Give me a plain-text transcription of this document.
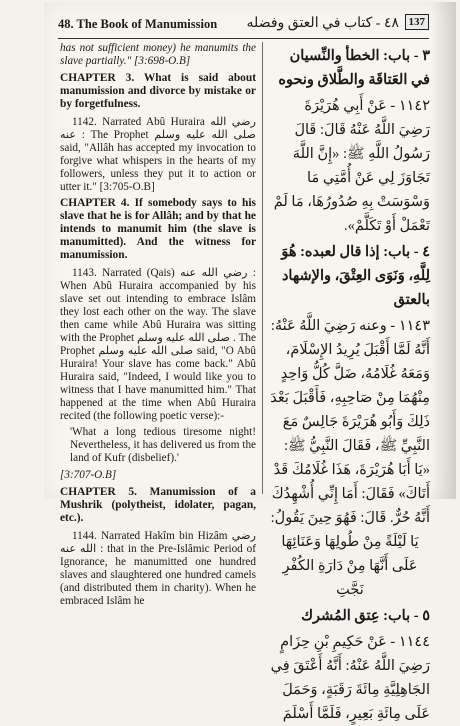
48. The Book of Manumission ٤٨ - كتاب في العتق وفضله 137

has not sufficient money) he manumits the slave partially." [3:698-O.B]

CHAPTER 3. What is said about manumission and divorce by mistake or by forgetfulness.

1142. Narrated Abû Huraira رضي الله عنه : The Prophet صلى الله عليه وسلم said, "Allâh has accepted my invocation to forgive what whispers in the hearts of my followers, unless they put it to action or utter it." [3:705-O.B]

CHAPTER 4. If somebody says to his slave that he is for Allâh; and by that he intends to manumit him (the slave is manumitted). And the witness for manumission.

1143. Narrated (Qais) رضي الله عنه : When Abû Huraira accompanied by his slave set out intending to embrace Islâm they lost each other on the way. The slave then came while Abû Huraira was sitting with the Prophet صلى الله عليه وسلم . The Prophet صلى الله عليه وسلم said, "O Abû Huraira! Your slave has come back." Abû Huraira said, "Indeed, I would like you to witness that I have manumitted him." That happened at the time when Abû Huraira recited (the following poetic verse):-

'What a long tedious tiresome night! Nevertheless, it has delivered us from the land of Kufr (disbelief).'

[3:707-O.B]

CHAPTER 5. Manumission of a Mushrik (polytheist, idolater, pagan, etc.).

1144. Narrated Hakîm bin Hizâm رضي الله عنه : that in the Pre-Islâmic Period of Ignorance, he manumitted one hundred slaves and slaughtered one hundred camels (and distributed them in charity). When he embraced Islâm he

٣ - باب: الخطأ والنِّسيان في العَتاقَة والطَّلاق ونحوه

١١٤٢ - عَنْ أَبِي هُرَيْرَةَ رَضِيَ اللَّهُ عَنْهُ قَالَ: قَالَ رَسُولُ اللَّهِ ﷺ: «إِنَّ اللَّهَ تَجَاوَزَ لِي عَنْ أُمَّتِي مَا وَسْوَسَتْ بِهِ صُدُورُهَا، مَا لَمْ تَعْمَلْ أَوْ تَكَلَّمْ».

٤ - باب: إذا قال لعبده: هُوَ لِلَّهِ، وَنَوَى العِتْقَ، والإشهاد بالعتق

١١٤٣ - وعنه رَضِيَ اللَّهُ عَنْهُ: أَنَّهُ لَمَّا أَقْبَلَ يُرِيدُ الإِسْلَامَ، وَمَعَهُ غُلَامُهُ، ضَلَّ كُلُّ وَاحِدٍ مِنْهُمَا مِنْ صَاحِبِهِ، فَأَقْبَلَ بَعْدَ ذَلِكَ وَأَبُو هُرَيْرَةَ جَالِسٌ مَعَ النَّبِيِّ ﷺ، فَقَالَ النَّبِيُّ ﷺ: «يَا أَبَا هُرَيْرَةَ، هَذَا غُلَامُكَ قَدْ أَتَاكَ» فَقَالَ: أَمَا إِنِّي أُشْهِدُكَ أَنَّهُ حُرٌّ. قَالَ: فَهُوَ حِينَ يَقُولُ:

يَا لَيْلَةً مِنْ طُولِهَا وَعَنَائِهَا

عَلَى أَنَّهَا مِنْ دَارَةِ الكُفْرِ نَجَّتِ

٥ - باب: عِتق المُشرك

١١٤٤ - عَنْ حَكِيمِ بْنِ حِزَامٍ رَضِيَ اللَّهُ عَنْهُ: أَنَّهُ أَعْتَقَ فِي الجَاهِلِيَّةِ مِائَةَ رَقَبَةٍ، وَحَمَلَ عَلَى مِائَةِ بَعِيرٍ، فَلَمَّا أَسْلَمَ
